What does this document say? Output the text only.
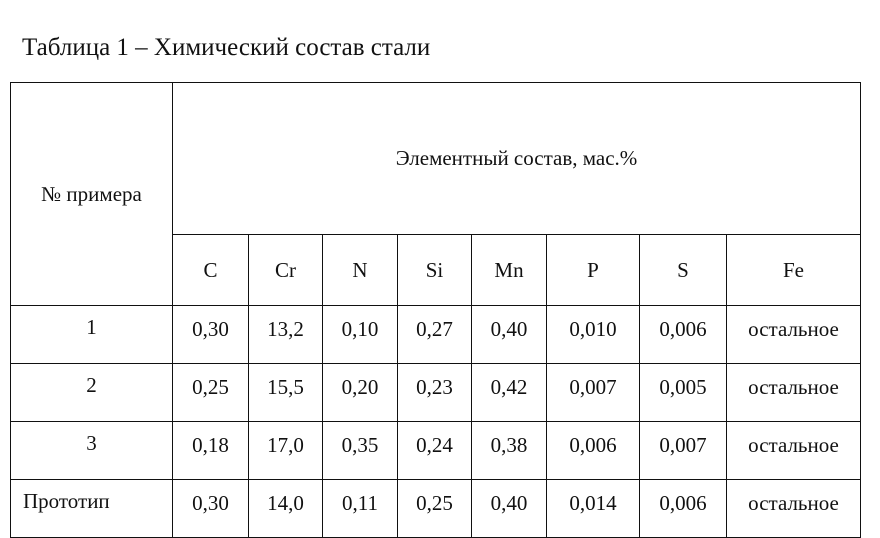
Таблица 1 – Химический состав стали
№ примера	Элементный состав, мас.%							
	C	Cr	N	Si	Mn	P	S	Fe
1	0,30	13,2	0,10	0,27	0,40	0,010	0,006	остальное
2	0,25	15,5	0,20	0,23	0,42	0,007	0,005	остальное
3	0,18	17,0	0,35	0,24	0,38	0,006	0,007	остальное
Прототип	0,30	14,0	0,11	0,25	0,40	0,014	0,006	остальное
